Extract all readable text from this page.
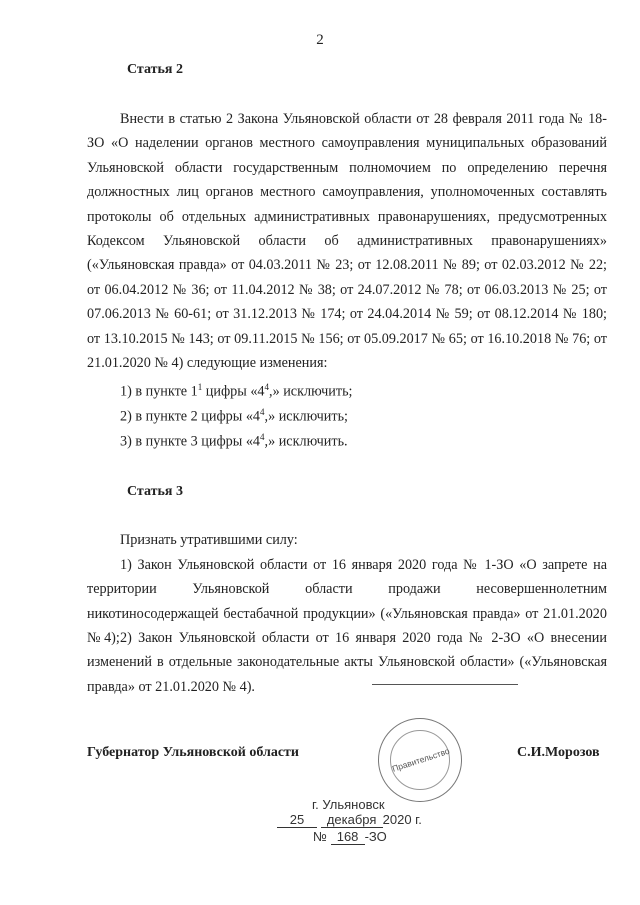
2
Статья 2
Внести в статью 2 Закона Ульяновской области от 28 февраля 2011 года № 18-ЗО «О наделении органов местного самоуправления муниципальных образований Ульяновской области государственным полномочием по определению перечня должностных лиц органов местного самоуправления, уполномоченных составлять протоколы об отдельных административных правонарушениях, предусмотренных Кодексом Ульяновской области об административных правонарушениях» («Ульяновская правда» от 04.03.2011 № 23; от 12.08.2011 № 89; от 02.03.2012 № 22; от 06.04.2012 № 36; от 11.04.2012 № 38; от 24.07.2012 № 78; от 06.03.2013 № 25; от 07.06.2013 № 60-61; от 31.12.2013 № 174; от 24.04.2014 № 59; от 08.12.2014 № 180; от 13.10.2015 № 143; от 09.11.2015 № 156; от 05.09.2017 № 65; от 16.10.2018 № 76; от 21.01.2020 № 4) следующие изменения:
1) в пункте $1^1$ цифры «$4^4$,» исключить;
2) в пункте 2 цифры «$4^4$,» исключить;
3) в пункте 3 цифры «$4^4$,» исключить.
Статья 3
Признать утратившими силу:
1) Закон Ульяновской области от 16 января 2020 года № 1-ЗО «О запрете на территории Ульяновской области продажи несовершеннолетним никотиносодержащей бестабачной продукции» («Ульяновская правда» от 21.01.2020 № 4); 2) Закон Ульяновской области от 16 января 2020 года № 2-ЗО «О внесении изменений в отдельные законодательные акты Ульяновской области» («Ульяновская правда» от 21.01.2020 № 4).
Губернатор Ульяновской области	С.И.Морозов
Правительство
г. Ульяновск
25 декабря 2020 г.
№ 168 -ЗО
